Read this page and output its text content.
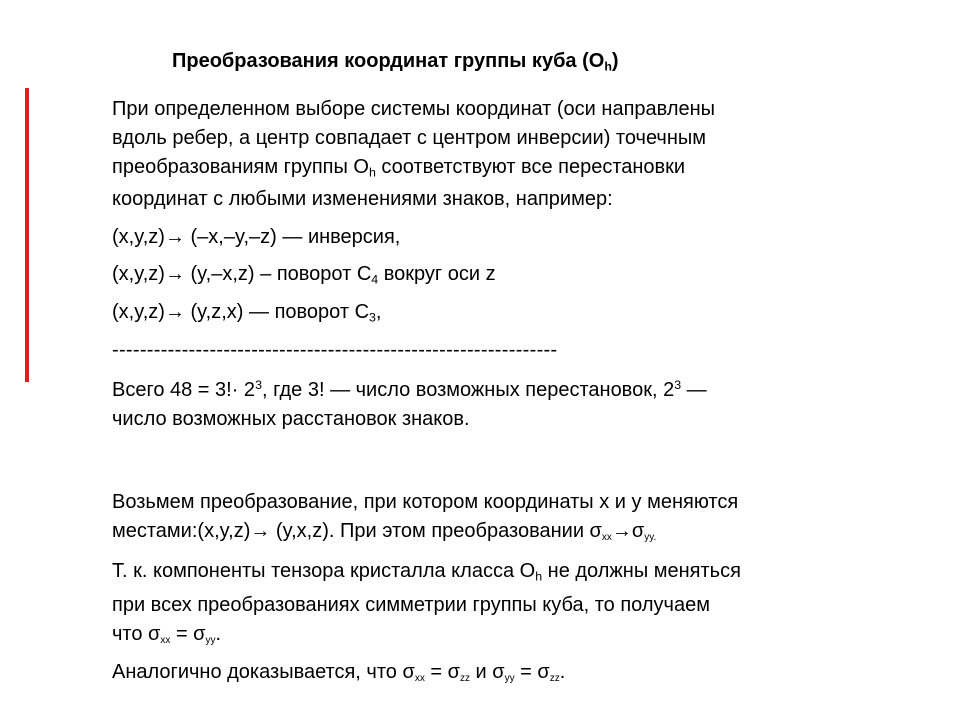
Преобразования координат группы куба $(O_h)$
При определенном выборе системы координат (оси направлены
вдоль ребер, а центр совпадает с центром инверсии) точечным
преобразованиям группы $O_h$ соответствуют все перестановки
координат с любыми изменениями знаков, например:
(x,y,z)→ (–x,–y,–z) — инверсия,
(x,y,z)→ (y,–x,z) – поворот $C_4$ вокруг оси z
(x,y,z)→ (y,z,x) — поворот $C_3$,
----------------------------------------------------------------
Всего $48 = 3!\cdot 2^3$, где 3! — число возможных перестановок, $2^3$ —
число возможных расстановок знаков.
Возьмем преобразование, при котором координаты x и y меняются
местами:(x,y,z)→ (y,x,z). При этом преобразовании $\sigma_{xx}\to\sigma_{yy.}$
Т. к. компоненты тензора кристалла класса $O_h$ не должны меняться
при всех преобразованиях симметрии группы куба, то получаем
что $\sigma_{xx} = \sigma_{yy}$.
Аналогично доказывается, что $\sigma_{xx} = \sigma_{zz}$ и $\sigma_{yy} = \sigma_{zz}$.
